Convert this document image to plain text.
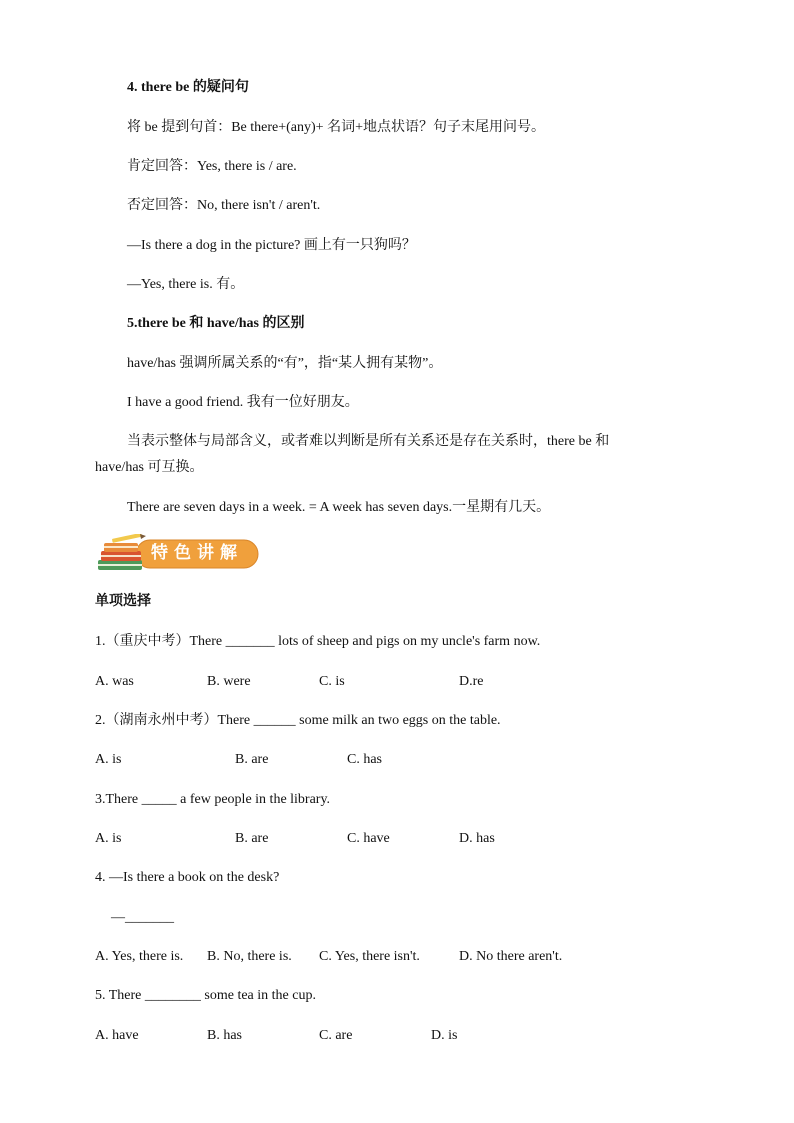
4. there be 的疑问句
将 be 提到句首：Be there+(any)+ 名词+地点状语？句子末尾用问号。
肯定回答：Yes, there is / are.
否定回答：No, there isn't / aren't.
—Is there a dog in the picture? 画上有一只狗吗？
—Yes, there is. 有。
5.there be 和 have/has 的区别
have/has 强调所属关系的“有”，指“某人拥有某物”。
I have a good friend. 我有一位好朋友。
当表示整体与局部含义，或者难以判断是所有关系还是存在关系时，there be 和
have/has 可互换。
There are seven days in a week. = A week has seven days.一星期有几天。
特色讲解
单项选择
1.（重庆中考）There _______ lots of sheep and pigs on my uncle's farm now.
A. was	B. were	C. is	D.re
2.（湖南永州中考）There ______ some milk an two eggs on the table.
A. is	B. are	C. has
3.There _____ a few people in the library.
A. is	B. are	C. have	D. has
4. —Is there a book on the desk?
—_______
A. Yes, there is. B. No, there is. C. Yes, there isn't.	D. No there aren't.
5. There ________ some tea in the cup.
A. have	B. has	C. are	D. is
